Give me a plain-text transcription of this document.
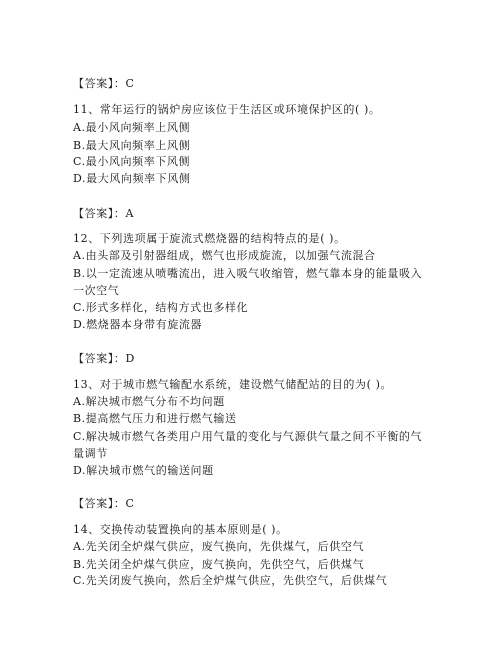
【答案】：C
11、常年运行的锅炉房应该位于生活区或环境保护区的( )。
A.最小风向频率上风侧
B.最大风向频率上风侧
C.最小风向频率下风侧
D.最大风向频率下风侧
【答案】：A
12、下列选项属于旋流式燃烧器的结构特点的是( )。
A.由头部及引射器组成，燃气也形成旋流，以加强气流混合
B.以一定流速从喷嘴流出，进入吸气收缩管，燃气靠本身的能量吸入
一次空气
C.形式多样化，结构方式也多样化
D.燃烧器本身带有旋流器
【答案】：D
13、对于城市燃气输配水系统，建设燃气储配站的目的为( )。
A.解决城市燃气分布不均问题
B.提高燃气压力和进行燃气输送
C.解决城市燃气各类用户用气量的变化与气源供气量之间不平衡的气
量调节
D.解决城市燃气的输送问题
【答案】：C
14、交换传动装置换向的基本原则是( )。
A.先关闭全炉煤气供应，废气换向，先供煤气，后供空气
B.先关闭全炉煤气供应，废气换向，先供空气，后供煤气
C.先关闭废气换向，然后全炉煤气供应，先供空气，后供煤气
